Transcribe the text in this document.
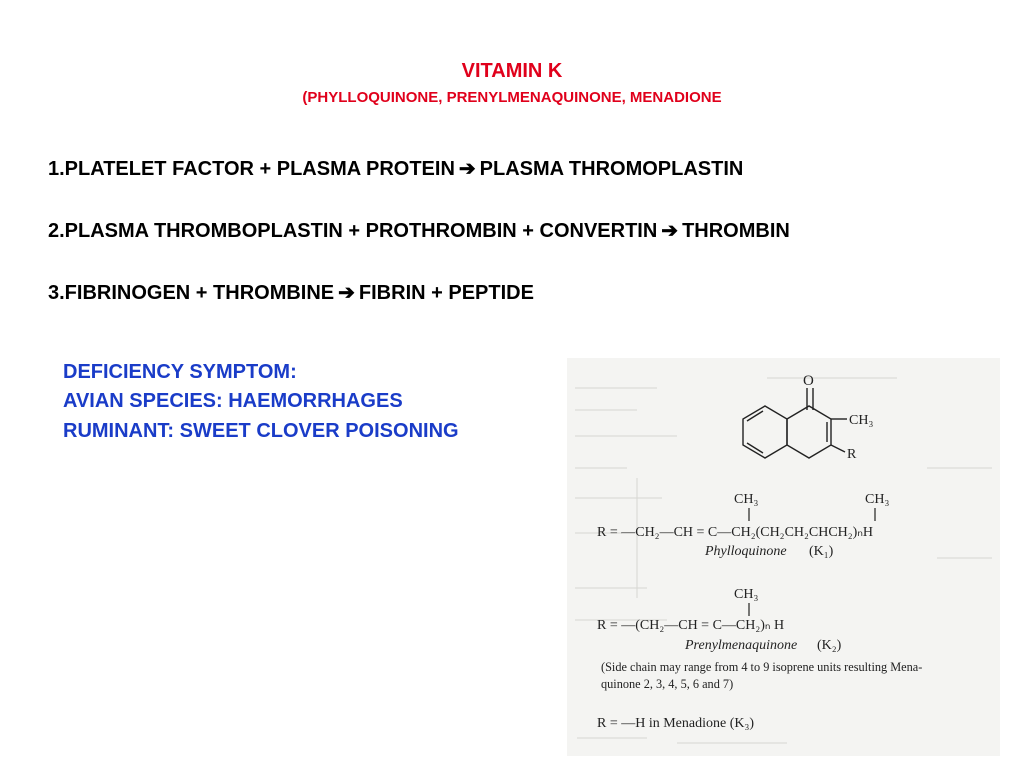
VITAMIN K
(PHYLLOQUINONE, PRENYLMENAQUINONE, MENADIONE
1.PLATELET FACTOR + PLASMA PROTEIN ➔ PLASMA THROMOPLASTIN
2.PLASMA THROMBOPLASTIN + PROTHROMBIN + CONVERTIN ➔ THROMBIN
3.FIBRINOGEN + THROMBINE ➔ FIBRIN + PEPTIDE
DEFICIENCY SYMPTOM:
AVIAN SPECIES: HAEMORRHAGES
RUMINANT: SWEET CLOVER POISONING
O
CH₃
R
CH₃	CH₃
R = —CH₂—CH = C—CH₂(CH₂CH₂CHCH₂)ₙH
Phylloquinone (K₁)
CH₃
R = —(CH₂—CH = C—CH₂)ₙ H
Prenylmenaquinone (K₂)
(Side chain may range from 4 to 9 isoprene units resulting Mena-
quinone 2, 3, 4, 5, 6 and 7)
R = —H in Menadione (K₃)
